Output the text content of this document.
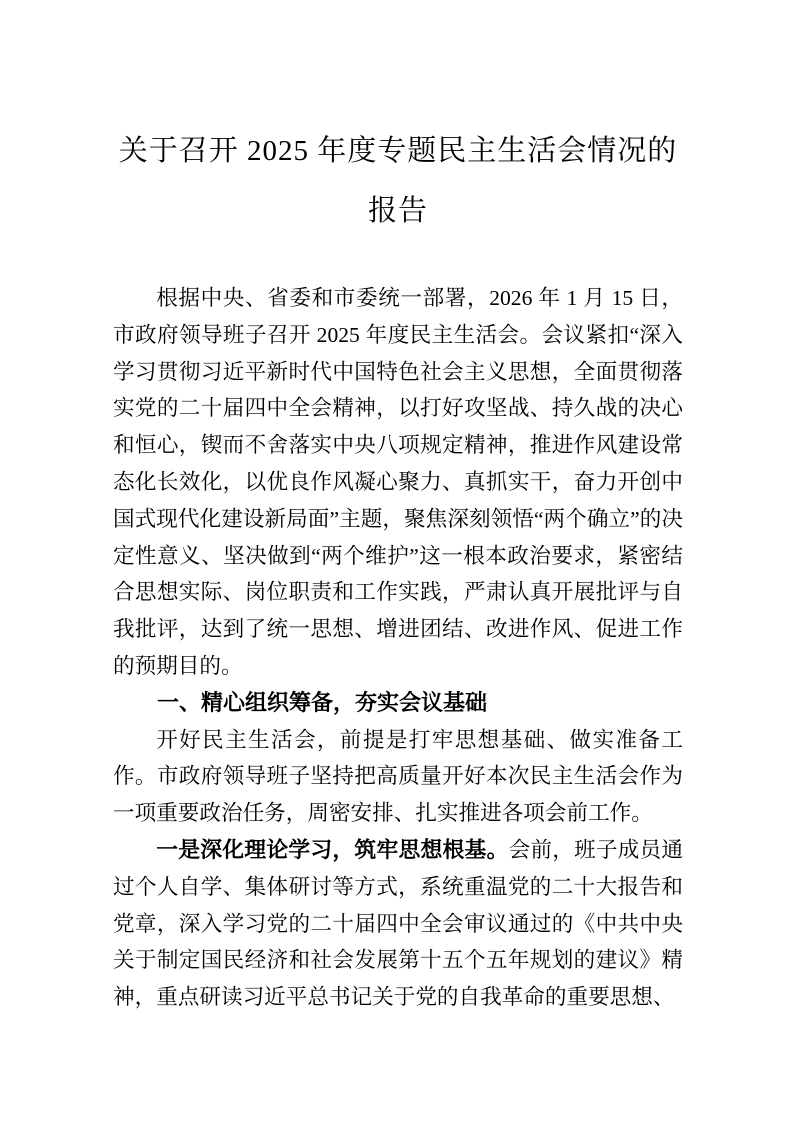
关于召开 2025 年度专题民主生活会情况的
报告

根据中央、省委和市委统一部署，2026 年 1 月 15 日，市政府领导班子召开 2025 年度民主生活会。会议紧扣“深入学习贯彻习近平新时代中国特色社会主义思想，全面贯彻落实党的二十届四中全会精神，以打好攻坚战、持久战的决心和恒心，锲而不舍落实中央八项规定精神，推进作风建设常态化长效化，以优良作风凝心聚力、真抓实干，奋力开创中国式现代化建设新局面”主题，聚焦深刻领悟“两个确立”的决定性意义、坚决做到“两个维护”这一根本政治要求，紧密结合思想实际、岗位职责和工作实践，严肃认真开展批评与自我批评，达到了统一思想、增进团结、改进作风、促进工作的预期目的。

一、精心组织筹备，夯实会议基础

开好民主生活会，前提是打牢思想基础、做实准备工作。市政府领导班子坚持把高质量开好本次民主生活会作为一项重要政治任务，周密安排、扎实推进各项会前工作。

一是深化理论学习，筑牢思想根基。会前，班子成员通过个人自学、集体研讨等方式，系统重温党的二十大报告和党章，深入学习党的二十届四中全会审议通过的《中共中央关于制定国民经济和社会发展第十五个五年规划的建议》精神，重点研读习近平总书记关于党的自我革命的重要思想、
